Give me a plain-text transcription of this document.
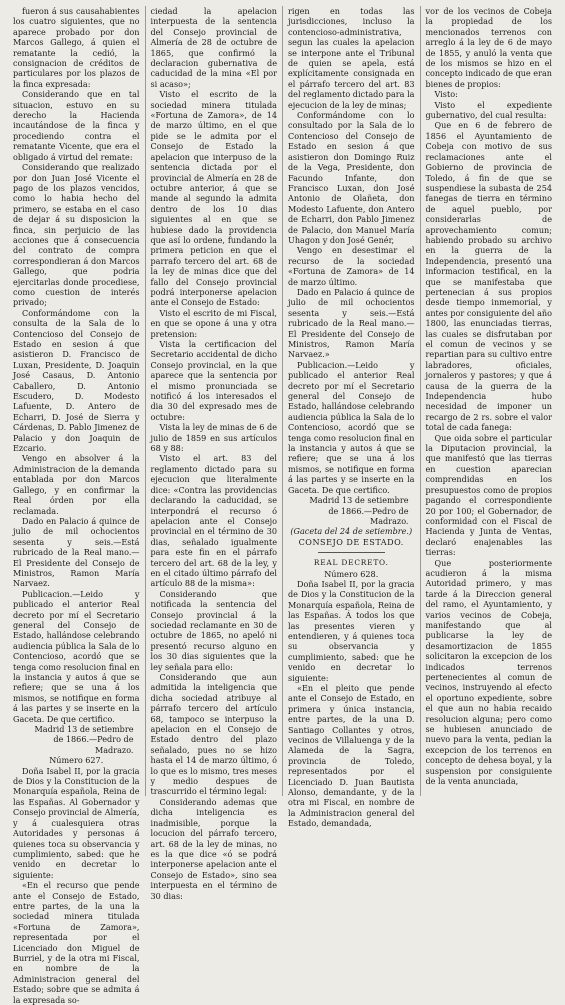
fueron á sus causahabientes los cuatro siguientes, que no aparece probado por don Marcos Gallego, á quien el rematante la cedió, la consignacion de créditos de particulares por los plazos de la finca expresada:

Considerando que en tal situacion, estuvo en su derecho la Hacienda incautándose de la finca y procediendo contra el rematante Vicente, que era el obligado á virtud del remate:

Considerando que realizado por don Juan José Vicente el pago de los plazos vencidos, como lo habia hecho del primero, se estaba en el caso de dejar á su disposicion la finca, sin perjuicio de las acciones que á consecuencia del contrato de compra correspondieran á don Marcos Gallego, que podria ejercitarlas donde procediese, como cuestion de interés privado;

Conformándome con la consulta de la Sala de lo Contencioso del Consejo de Estado en sesion á que asistieron D. Francisco de Luxan, Presidente, D. Joaquin José Casaus, D. Antonio Caballero, D. Antonio Escudero, D. Modesto Lafuente, D. Antero de Echarri, D. José de Sierra y Cárdenas, D. Pablo Jimenez de Palacio y don Joaquin de Ezcario.

Vengo en absolver á la Administracion de la demanda entablada por don Marcos Gallego, y en confirmar la Real órden por ella reclamada.

Dado en Palacio á quince de julio de mil ochocientos sesenta y seis.—Está rubricado de la Real mano.—El Presidente del Consejo de Ministros, Ramon María Narvaez.

Publicacion.—Leido y publicado el anterior Real decreto por mí el Secretario general del Consejo de Estado, hallándose celebrando audiencia pública la Sala de lo Contencioso, acordó que se tenga como resolucion final en la instancia y autos á que se refiere; que se una á los mismos, se notifique en forma á las partes y se inserte en la Gaceta. De que certifico.

Madrid 13 de setiembre de 1866.—Pedro de Madrazo.

Número 627.

Doña Isabel II, por la gracia de Dios y la Constitucion de la Monarquía española, Reina de las Españas. Al Gobernador y Consejo provincial de Almería, y á cualesquiera otras Autoridades y personas á quienes toca su observancia y cumplimiento, sabed: que he venido en decretar lo siguiente:

«En el recurso que pende ante el Consejo de Estado, entre partes, de la una la sociedad minera titulada «Fortuna de Zamora», representada por el Licenciado don Miguel de Burriel, y de la otra mi Fiscal, en nombre de la Administracion general del Estado; sobre que se admita á la expresada so-

ciedad la apelacion interpuesta de la sentencia del Consejo provincial de Almería de 28 de octubre de 1865, que confirmó la declaracion gubernativa de caducidad de la mina «El por si acaso»;

Visto el escrito de la sociedad minera titulada «Fortuna de Zamora», de 14 de marzo último, en el que pide se le admita por el Consejo de Estado la apelacion que interpuso de la sentencia dictada por el provincial de Almería en 28 de octubre anterior, á que se mande al segundo la admita dentro de los 10 dias siguientes al en que se hubiese dado la providencia que así lo ordene, fundando la primera peticion en que el parrafo tercero del art. 68 de la ley de minas dice que del fallo del Consejo provincial podrá interponerse apelacion ante el Consejo de Estado:

Visto el escrito de mi Fiscal, en que se opone á una y otra pretension:

Vista la certificacion del Secretario accidental de dicho Consejo provincial, en la que aparece que la sentencia por el mismo pronunciada se notificó á los interesados el dia 30 del expresado mes de octubre:

Vista la ley de minas de 6 de julio de 1859 en sus artículos 68 y 88:

Visto el art. 83 del reglamento dictado para su ejecucion que literalmente dice: «Contra las providencias declarando la caducidad, se interpondrá el recurso ó apelacion ante el Consejo provincial en el término de 30 dias, señalado igualmente para este fin en el párrafo tercero del art. 68 de la ley, y en el citado último párrafo del artículo 88 de la misma»:

Considerando que notificada la sentencia del Consejo provincial á la sociedad reclamante en 30 de octubre de 1865, no apeló ni presentó recurso alguno en los 30 dias siguientes que la ley señala para ello:

Considerando que aun admitida la inteligencia que dicha sociedad atribuye al párrafo tercero del artículo 68, tampoco se interpuso la apelacion en el Consejo de Estado dentro del plazo señalado, pues no se hizo hasta el 14 de marzo último, ó lo que es lo mismo, tres meses y medio despues de trascurrido el término legal:

Considerando ademas que dicha inteligencia es inadmisible, porque la locucion del párrafo tercero, art. 68 de la ley de minas, no es la que dice «ó se podrá interponerse apelacion ante el Consejo de Estado», sino sea interpuesta en el término de 30 dias:

rigen en todas las jurisdicciones, incluso la contencioso-administrativa, segun las cuales la apelacion se interpone ante el Tribunal de quien se apela, está explícitamente consignada en el párrafo tercero del art. 83 del reglamento dictado para la ejecucion de la ley de minas;

Conformándome con lo consultado por la Sala de lo Contencioso del Consejo de Estado en sesion á que asistieron don Domingo Ruiz de la Vega, Presidente, don Facundo Infante, don Francisco Luxan, don José Antonio de Olañeta, don Modesto Lafuente, don Antero de Echarri, don Pablo Jimenez de Palacio, don Manuel María Uhagon y don José Genér,

Vengo en desestimar el recurso de la sociedad «Fortuna de Zamora» de 14 de marzo último.

Dado en Palacio á quince de julio de mil ochocientos sesenta y seis.—Está rubricado de la Real mano.—El Presidente del Consejo de Ministros, Ramon María Narvaez.»

Publicacion.—Leido y publicado el anterior Real decreto por mí el Secretario general del Consejo de Estado, hallándose celebrando audiencia pública la Sala de lo Contencioso, acordó que se tenga como resolucion final en la instancia y autos á que se refiere; que se una á los mismos, se notifique en forma á las partes y se inserte en la Gaceta. De que certifico.

Madrid 13 de setiembre de 1866.—Pedro de Madrazo.

(Gaceta del 24 de setiembre.)

CONSEJO DE ESTADO.

REAL DECRETO.

Número 628.

Doña Isabel II, por la gracia de Dios y la Constitucion de la Monarquía española, Reina de las Españas. Á todos los que las presentes vieren y entendieren, y á quienes toca su observancia y cumplimiento, sabed: que he venido en decretar lo siguiente:

«En el pleito que pende ante el Consejo de Estado, en primera y única instancia, entre partes, de la una D. Santiago Collantes y otros, vecinos de Villaluenga y de la Alameda de la Sagra, provincia de Toledo, representados por el Licenciado D. Juan Bautista Alonso, demandante, y de la otra mi Fiscal, en nombre de la Administracion general del Estado, demandada,

vor de los vecinos de Cobeja la propiedad de los mencionados terrenos con arreglo á la ley de 6 de mayo de 1855, y anuló la venta que de los mismos se hizo en el concepto indicado de que eran bienes de propios:

Visto:

Visto el expediente gubernativo, del cual resulta:

Que en 6 de febrero de 1856 el Ayuntamiento de Cobeja con motivo de sus reclamaciones ante el Gobierno de provincia de Toledo, á fin de que se suspendiese la subasta de 254 fanegas de tierra en término de aquel pueblo, por considerarlas de aprovechamiento comun; habiendo probado su archivo en la guerra de la Independencia, presentó una informacion testifical, en la que se manifestaba que pertenecian á sus propios desde tiempo inmemorial, y antes por consiguiente del año 1800, las enunciadas tierras, las cuales se disfrutaban por el comun de vecinos y se repartian para su cultivo entre labradores, oficiales, jornaleros y pastores; y que á causa de la guerra de la Independencia hubo necesidad de imponer un recargo de 2 rs. sobre el valor total de cada fanega:

Que oida sobre el particular la Diputacion provincial, la que manifestó que las tierras en cuestion aparecian comprendidas en los presupuestos como de propios pagando el correspondiente 20 por 100; el Gobernador, de conformidad con el Fiscal de Hacienda y Junta de Ventas, declaró enajenables las tierras:

Que posteriormente acudieron á la misma Autoridad primero, y mas tarde á la Direccion general del ramo, el Ayuntamiento, y varios vecinos de Cobeja, manifestando que al publicarse la ley de desamortizacion de 1855 solicitaron la excepcion de los indicados terrenos pertenecientes al comun de vecinos, instruyendo al efecto el oportuno expediente, sobre el que aun no habia recaido resolucion alguna; pero como se hubiesen anunciado de nuevo para la venta, pedian la excepcion de los terrenos en concepto de dehesa boyal, y la suspension por consiguiente de la venta anunciada,
